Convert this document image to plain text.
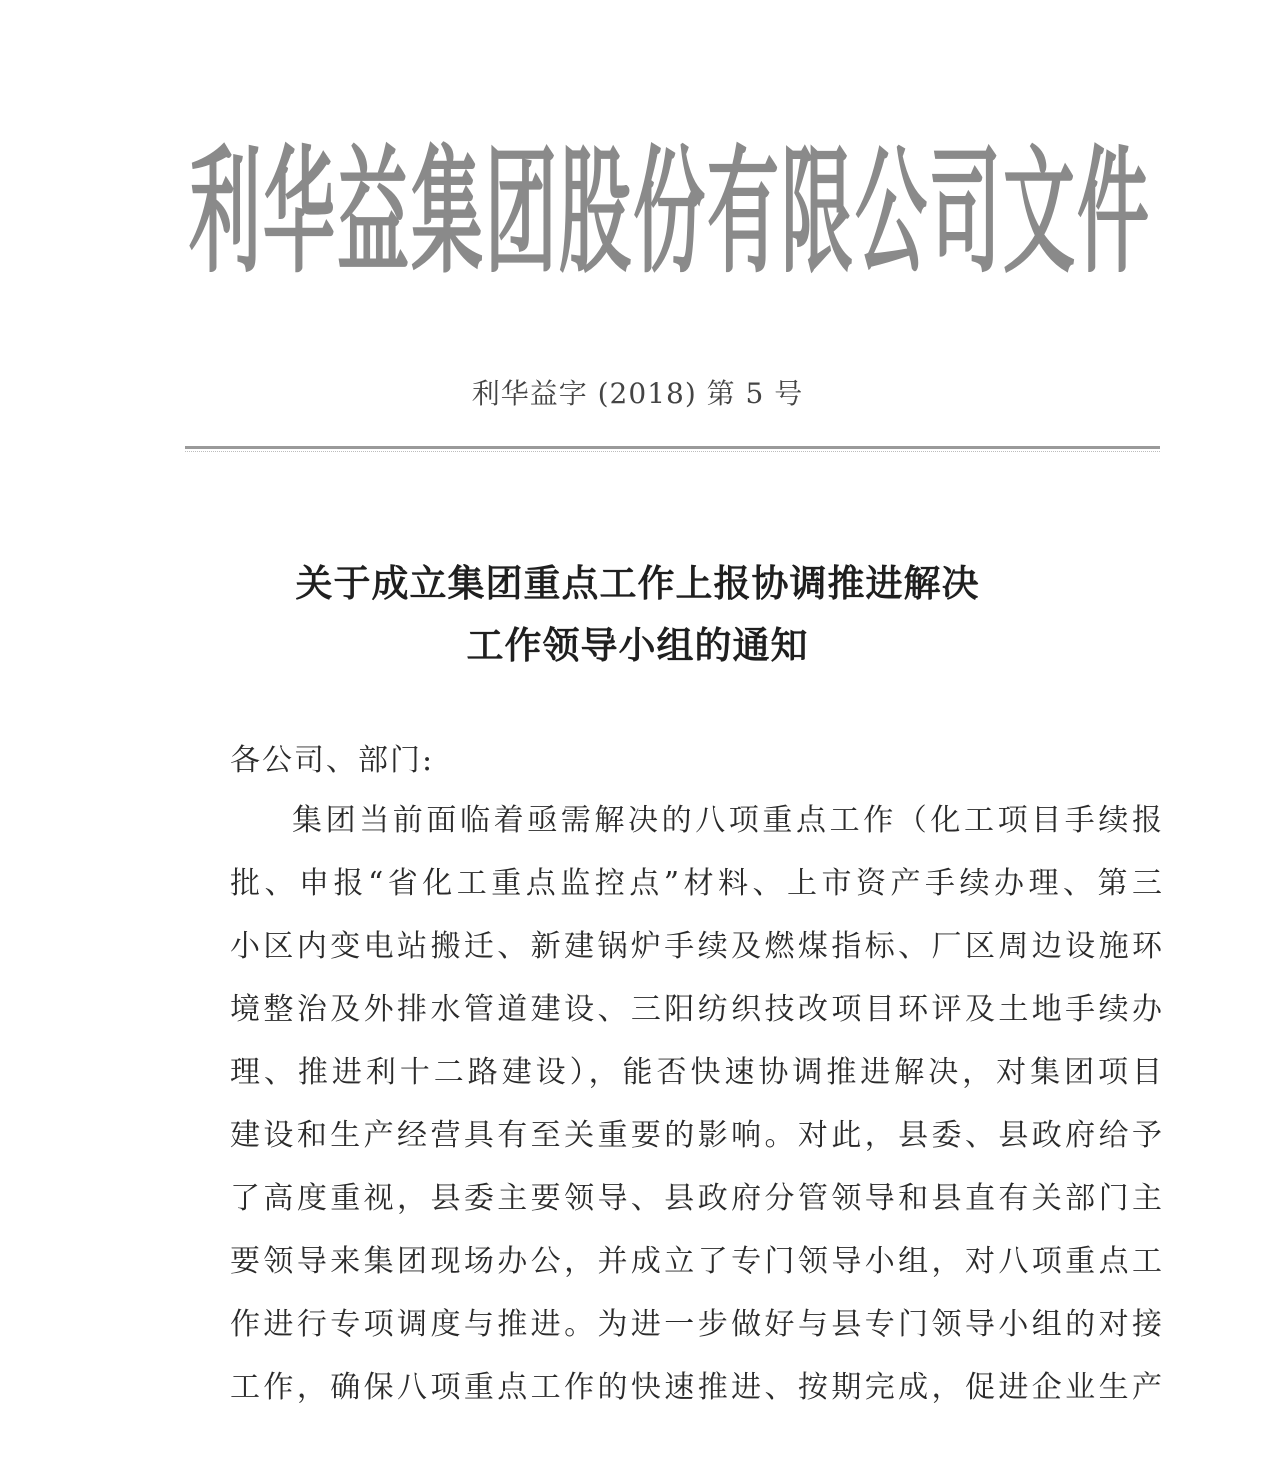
利华益集团股份有限公司文件
利华益字 (2018) 第 5 号
关于成立集团重点工作上报协调推进解决
工作领导小组的通知
各公司、部门:
集团当前面临着亟需解决的八项重点工作（化工项目手续报
批、申报“省化工重点监控点”材料、上市资产手续办理、第三
小区内变电站搬迁、新建锅炉手续及燃煤指标、厂区周边设施环
境整治及外排水管道建设、三阳纺织技改项目环评及土地手续办
理、推进利十二路建设），能否快速协调推进解决，对集团项目
建设和生产经营具有至关重要的影响。对此，县委、县政府给予
了高度重视，县委主要领导、县政府分管领导和县直有关部门主
要领导来集团现场办公，并成立了专门领导小组，对八项重点工
作进行专项调度与推进。为进一步做好与县专门领导小组的对接
工作，确保八项重点工作的快速推进、按期完成，促进企业生产
